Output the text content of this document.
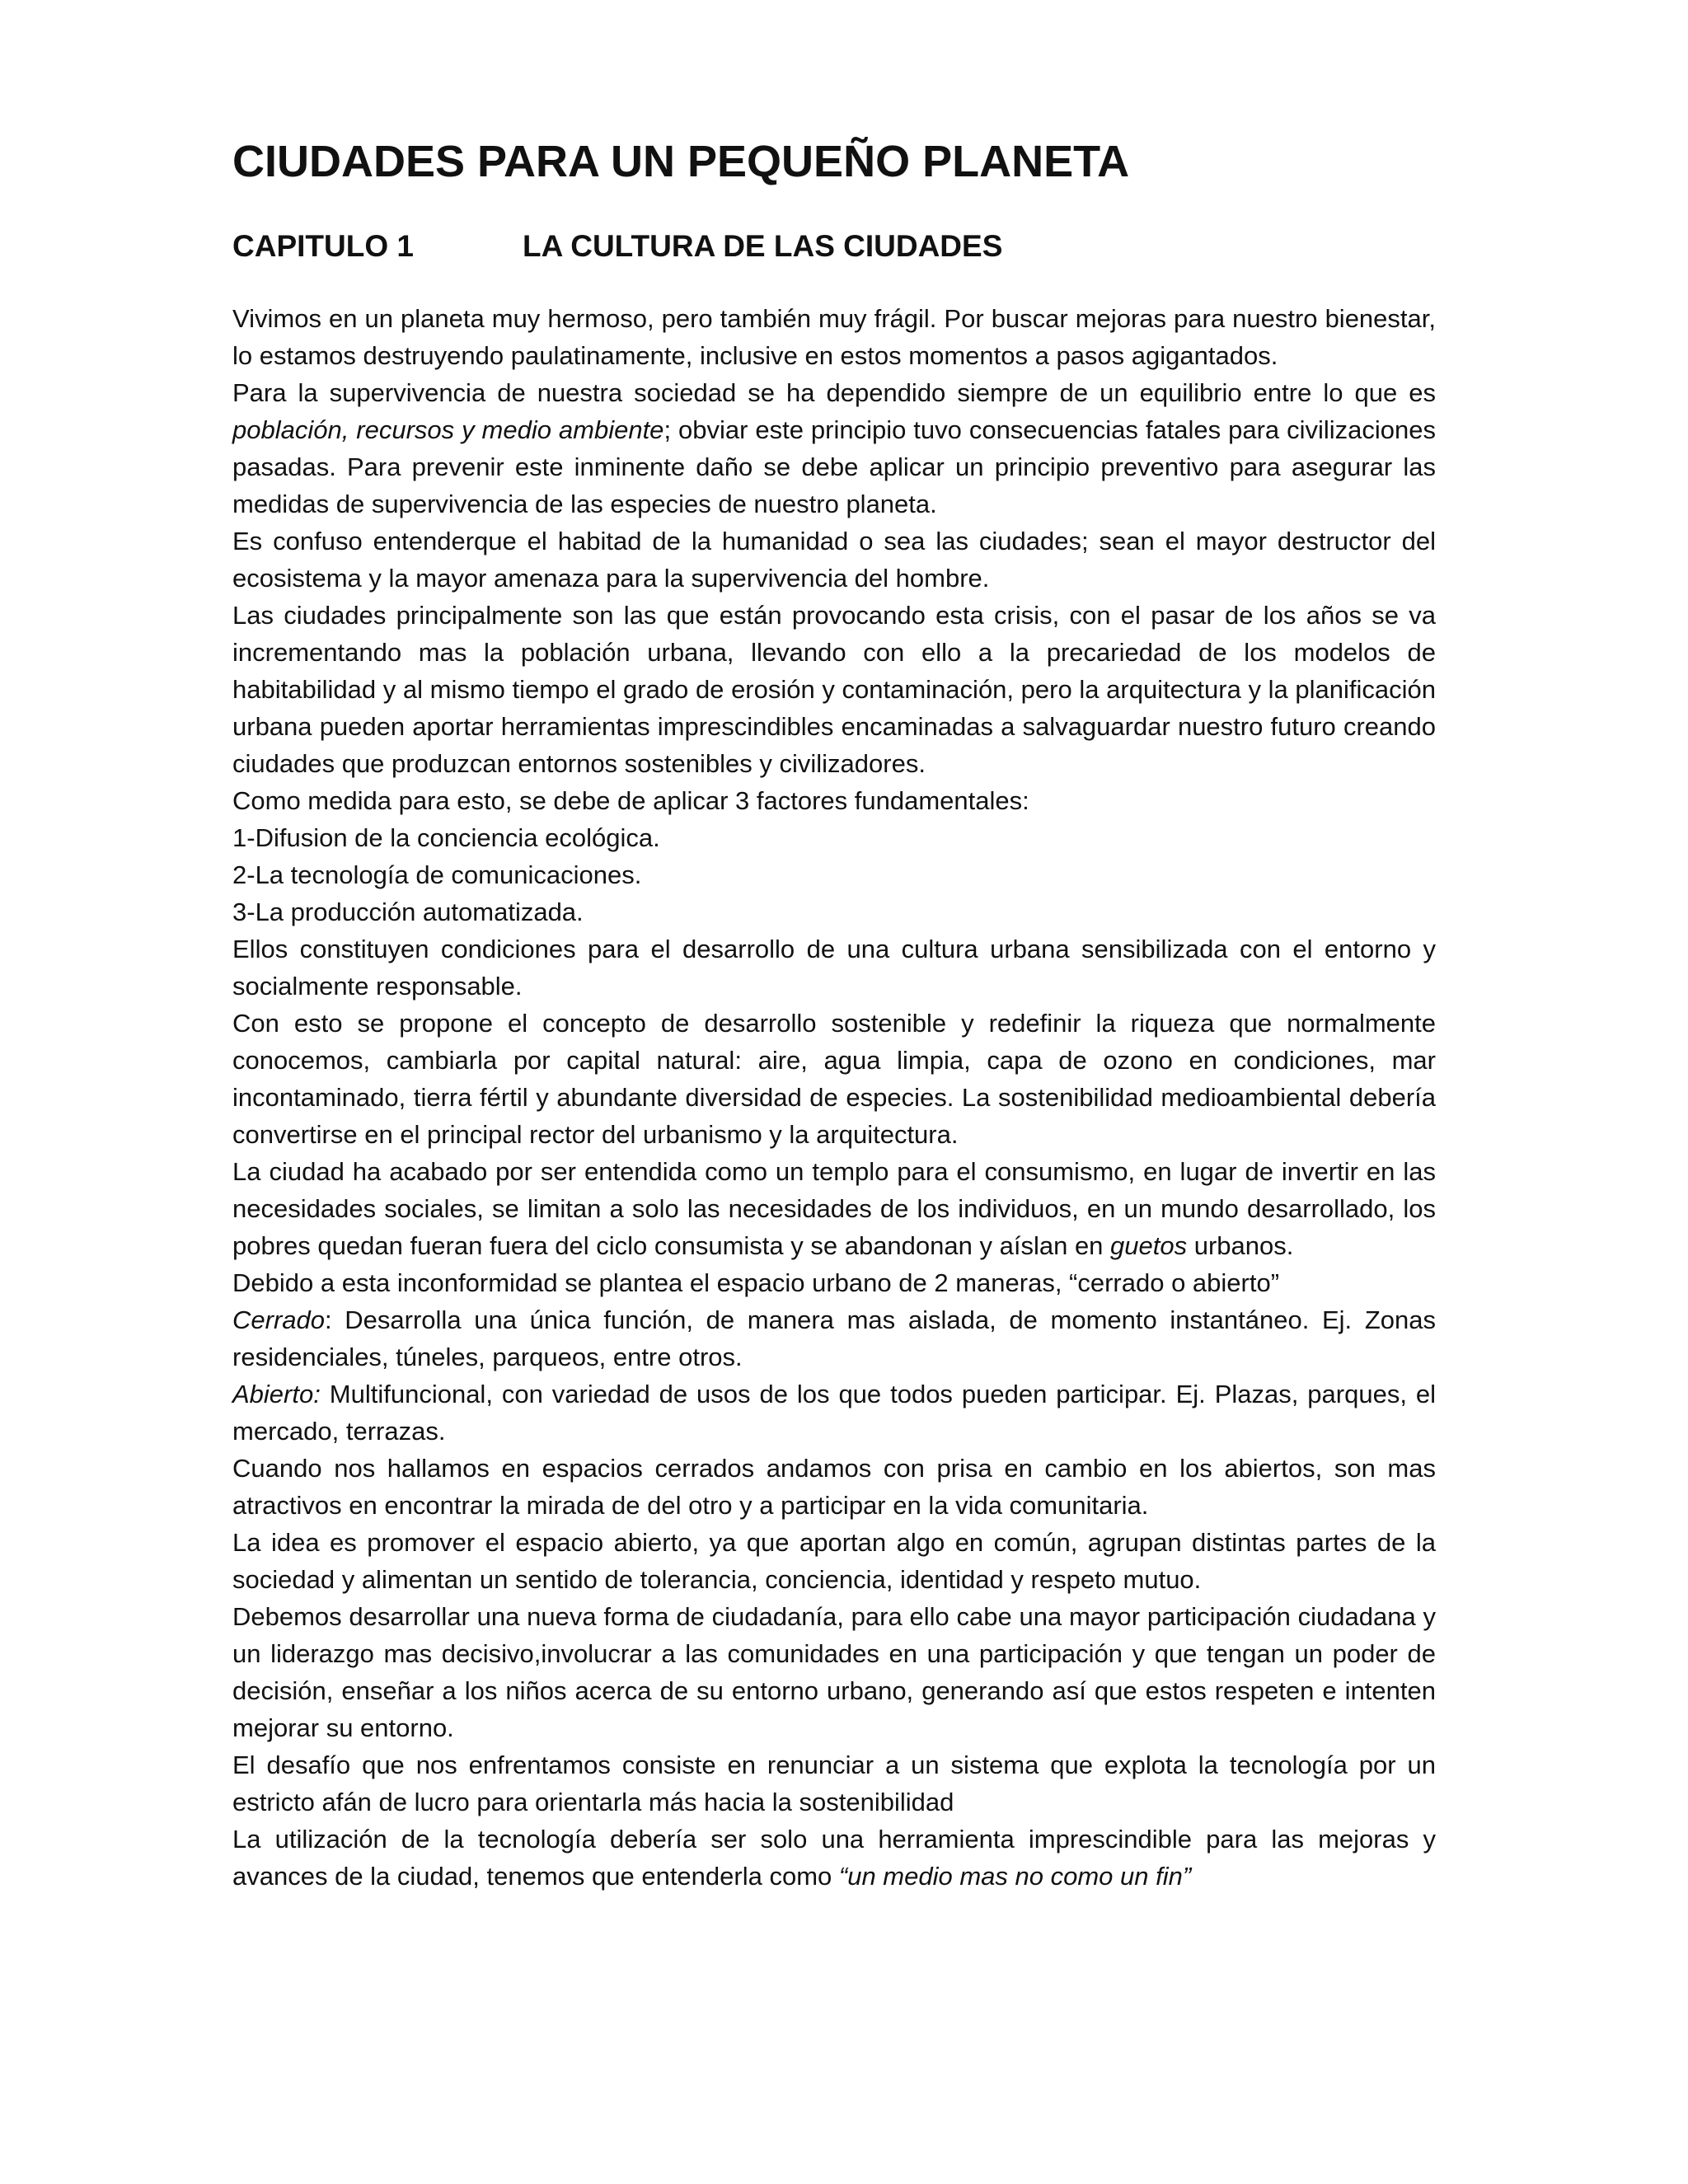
CIUDADES PARA UN PEQUEÑO PLANETA
CAPITULO 1	LA CULTURA DE LAS CIUDADES

Vivimos en un planeta muy hermoso, pero también muy frágil. Por buscar mejoras para nuestro bienestar, lo estamos destruyendo paulatinamente, inclusive en estos momentos a pasos agigantados.

Para la supervivencia de nuestra sociedad se ha dependido siempre de un equilibrio entre lo que es población, recursos y medio ambiente; obviar este principio tuvo consecuencias fatales para civilizaciones pasadas. Para prevenir este inminente daño se debe aplicar un principio preventivo para asegurar las medidas de supervivencia de las especies de nuestro planeta.

Es confuso entenderque el habitad de la humanidad o sea las ciudades; sean el mayor destructor del ecosistema y la mayor amenaza para la supervivencia del hombre.

Las ciudades principalmente son las que están provocando esta crisis, con el pasar de los años se va incrementando mas la población urbana, llevando con ello a la precariedad de los modelos de habitabilidad y al mismo tiempo el grado de erosión y contaminación, pero la arquitectura y la planificación urbana pueden aportar herramientas imprescindibles encaminadas a salvaguardar nuestro futuro creando ciudades que produzcan entornos sostenibles y civilizadores.

Como medida para esto, se debe de aplicar 3 factores fundamentales:

1-Difusion de la conciencia ecológica.

2-La tecnología de comunicaciones.

3-La producción automatizada.

Ellos constituyen condiciones para el desarrollo de una cultura urbana sensibilizada con el entorno y socialmente responsable.

Con esto se propone el concepto de desarrollo sostenible y redefinir la riqueza que normalmente conocemos, cambiarla por capital natural: aire, agua limpia, capa de ozono en condiciones, mar incontaminado, tierra fértil y abundante diversidad de especies. La sostenibilidad medioambiental debería convertirse en el principal rector del urbanismo y la arquitectura.

La ciudad ha acabado por ser entendida como un templo para el consumismo, en lugar de invertir en las necesidades sociales, se limitan a solo las necesidades de los individuos, en un mundo desarrollado, los pobres quedan fueran fuera del ciclo consumista y se abandonan y aíslan en guetos urbanos.

Debido a esta inconformidad se plantea el espacio urbano de 2 maneras, “cerrado o abierto”

Cerrado: Desarrolla una única función, de manera mas aislada, de momento instantáneo. Ej. Zonas residenciales, túneles, parqueos, entre otros.

Abierto: Multifuncional, con variedad de usos de los que todos pueden participar. Ej. Plazas, parques, el mercado, terrazas.

Cuando nos hallamos en espacios cerrados andamos con prisa en cambio en los abiertos, son mas atractivos en encontrar la mirada de del otro y a participar en la vida comunitaria.

La idea es promover el espacio abierto, ya que aportan algo en común, agrupan distintas partes de la sociedad y alimentan un sentido de tolerancia, conciencia, identidad y respeto mutuo.

Debemos desarrollar una nueva forma de ciudadanía, para ello cabe una mayor participación ciudadana y un liderazgo mas decisivo,involucrar a las comunidades en una participación y que tengan un poder de decisión, enseñar a los niños acerca de su entorno urbano, generando así que estos respeten e intenten mejorar su entorno.

El desafío que nos enfrentamos consiste en renunciar a un sistema que explota la tecnología por un estricto afán de lucro para orientarla más hacia la sostenibilidad

La utilización de la tecnología debería ser solo una herramienta imprescindible para las mejoras y avances de la ciudad, tenemos que entenderla como “un medio mas no como un fin”
